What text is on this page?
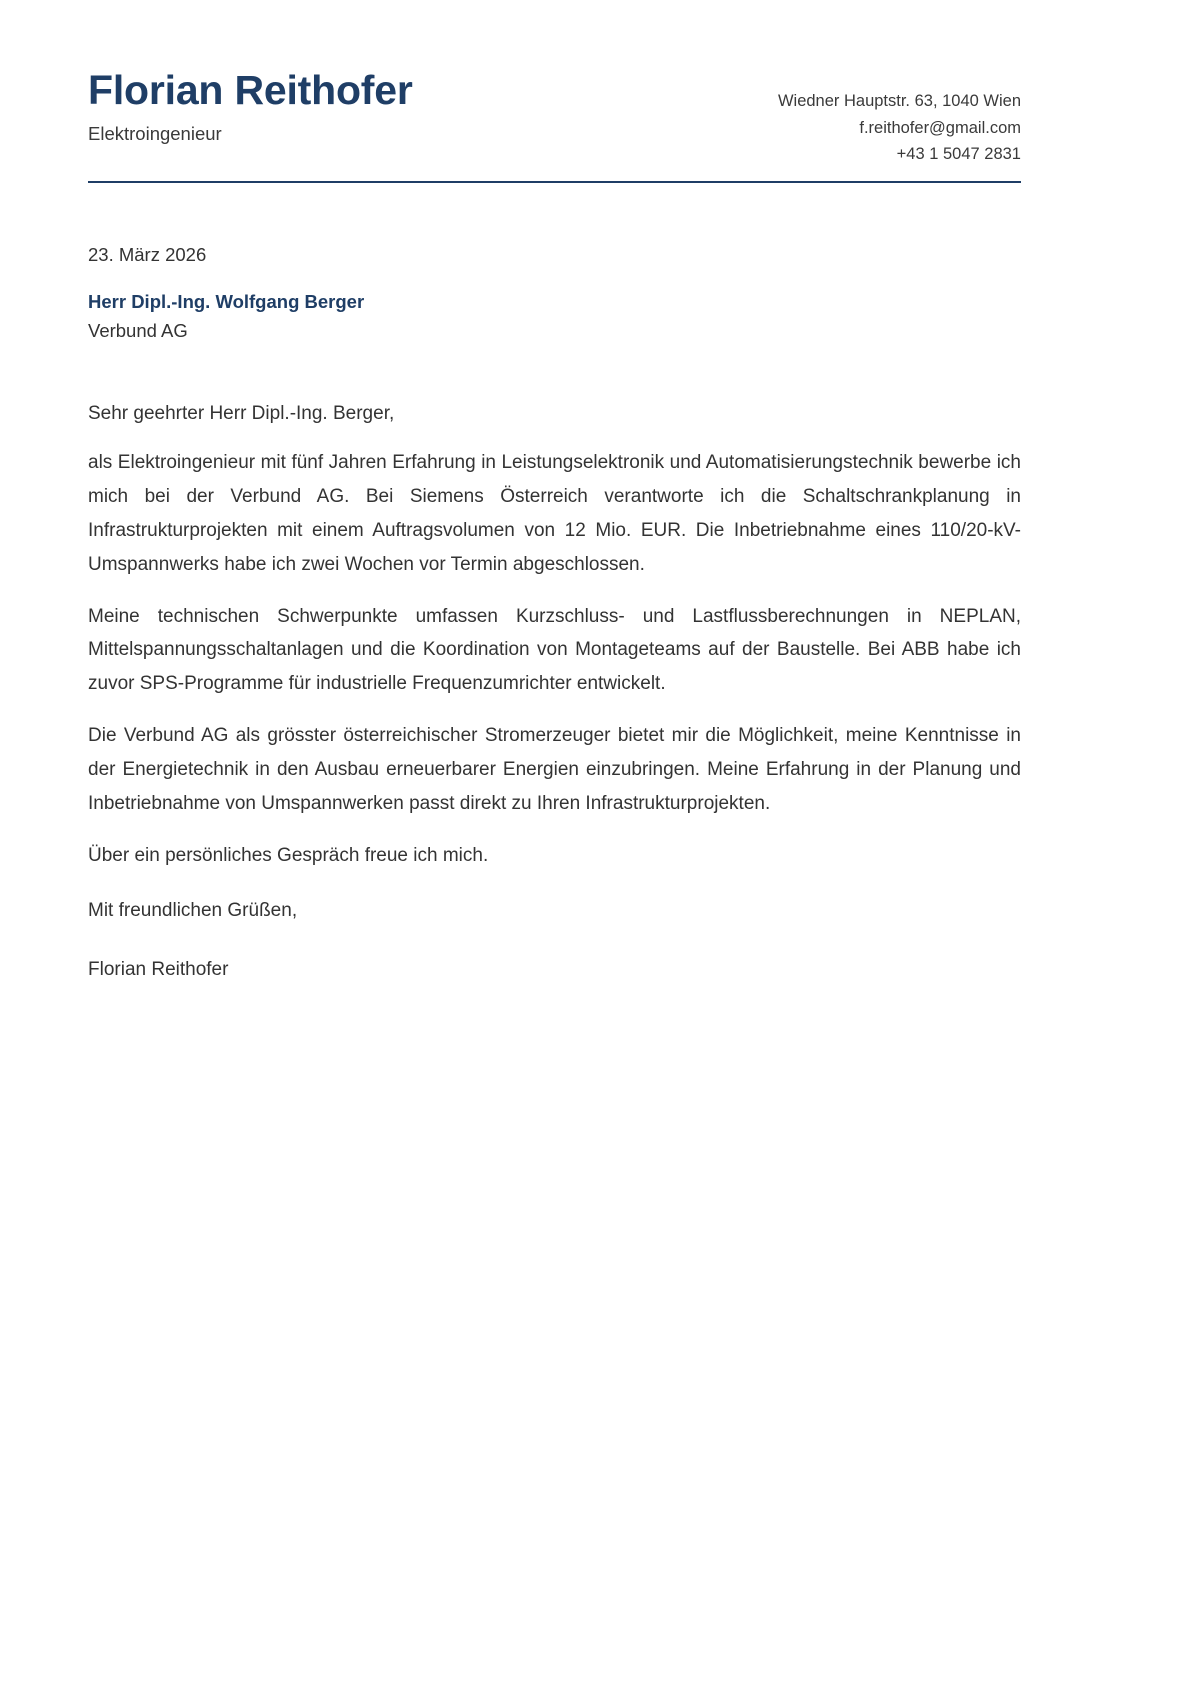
Florian Reithofer

Elektroingenieur

Wiedner Hauptstr. 63, 1040 Wien
f.reithofer@gmail.com
+43 1 5047 2831

23. März 2026

Herr Dipl.-Ing. Wolfgang Berger

Verbund AG

Sehr geehrter Herr Dipl.-Ing. Berger,

als Elektroingenieur mit fünf Jahren Erfahrung in Leistungselektronik und Automatisierungstechnik bewerbe ich mich bei der Verbund AG. Bei Siemens Österreich verantworte ich die Schaltschrankplanung in Infrastrukturprojekten mit einem Auftragsvolumen von 12 Mio. EUR. Die Inbetriebnahme eines 110/20-kV-Umspannwerks habe ich zwei Wochen vor Termin abgeschlossen.

Meine technischen Schwerpunkte umfassen Kurzschluss- und Lastflussberechnungen in NEPLAN, Mittelspannungsschaltanlagen und die Koordination von Montageteams auf der Baustelle. Bei ABB habe ich zuvor SPS-Programme für industrielle Frequenzumrichter entwickelt.

Die Verbund AG als grösster österreichischer Stromerzeuger bietet mir die Möglichkeit, meine Kenntnisse in der Energietechnik in den Ausbau erneuerbarer Energien einzubringen. Meine Erfahrung in der Planung und Inbetriebnahme von Umspannwerken passt direkt zu Ihren Infrastrukturprojekten.

Über ein persönliches Gespräch freue ich mich.

Mit freundlichen Grüßen,

Florian Reithofer
